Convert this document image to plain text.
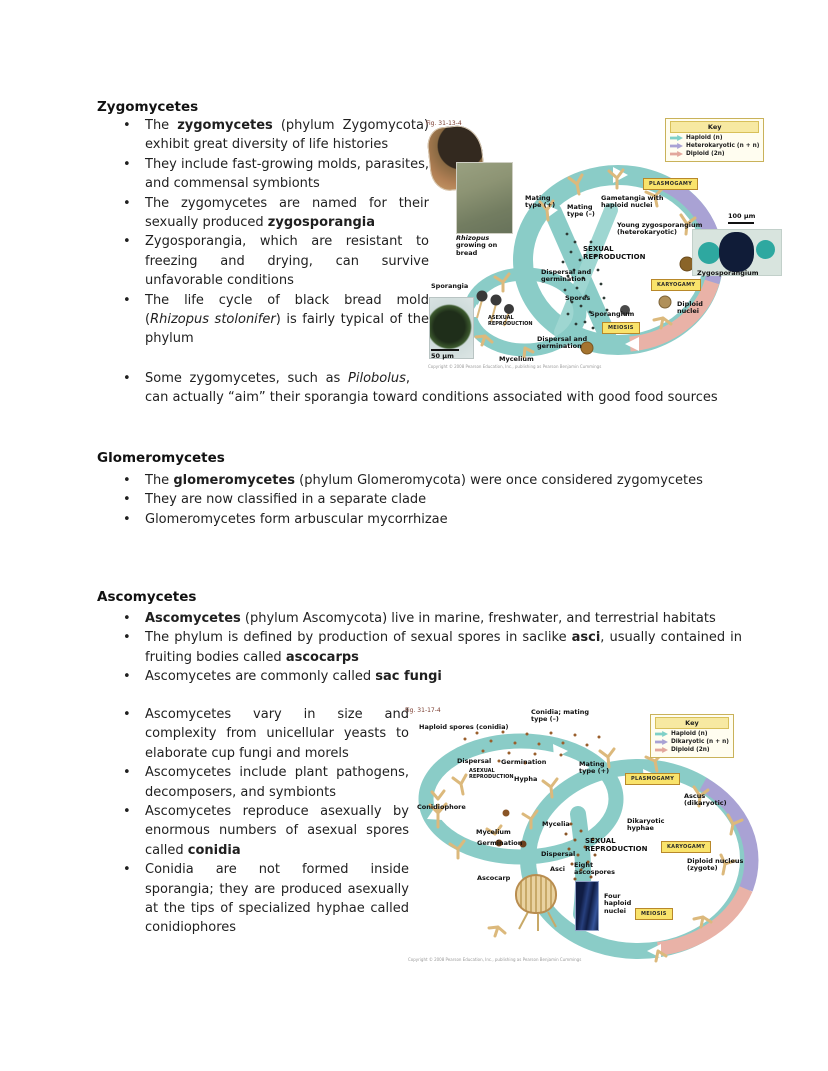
Zygomycetes
• The zygomycetes (phylum Zygomycota) exhibit great diversity of life histories
• They include fast-growing molds, parasites, and commensal symbionts
• The zygomycetes are named for their sexually produced zygosporangia
• Zygosporangia, which are resistant to freezing and drying, can survive unfavorable conditions
• The life cycle of black bread mold (Rhizopus stolonifer) is fairly typical of the phylum
• Some zygomycetes, such as Pilobolus, can actually “aim” their sporangia toward conditions associated with good food sources
Glomeromycetes
• The glomeromycetes (phylum Glomeromycota) were once considered zygomycetes
• They are now classified in a separate clade
• Glomeromycetes form arbuscular mycorrhizae
Ascomycetes
• Ascomycetes (phylum Ascomycota) live in marine, freshwater, and terrestrial habitats
• The phylum is defined by production of sexual spores in saclike asci, usually contained in fruiting bodies called ascocarps
• Ascomycetes are commonly called sac fungi
• Ascomycetes vary in size and complexity from unicellular yeasts to elaborate cup fungi and morels
• Ascomycetes include plant pathogens, decomposers, and symbionts
• Ascomycetes reproduce asexually by enormous numbers of asexual spores called conidia
• Conidia are not formed inside sporangia; they are produced asexually at the tips of specialized hyphae called conidiophores
Fig. 31-13-4
Mating type (+)	Mating type (–)
Gametangia with haploid nuclei
Young zygosporangium (heterokaryotic)
SEXUAL REPRODUCTION
Zygosporangium
Diploid nuclei
Sporangium
Spores
Dispersal and germination
Dispersal and germination
Mycelium
ASEXUAL REPRODUCTION
Sporangia
Rhizopus growing on bread
100 μm
50 μm
PLASMOGAMY
KARYOGAMY
MEIOSIS
Key
Haploid (n)
Heterokaryotic (n + n)
Diploid (2n)
Copyright © 2008 Pearson Education, Inc., publishing as Pearson Benjamin Cummings
Fig. 31-17-4
Haploid spores (conidia)
Conidia; mating type (–)
Dispersal	Germination
ASEXUAL REPRODUCTION Hypha
Mating type (+)
Conidiophore
Mycelia
Mycelium
Germination
Dispersal
Ascocarp
Asci	Eight ascospores
SEXUAL REPRODUCTION
Dikaryotic hyphae
Ascus (dikaryotic)
Diploid nucleus (zygote)
Four haploid nuclei
PLASMOGAMY
KARYOGAMY
MEIOSIS
Key
Haploid (n)
Dikaryotic (n + n)
Diploid (2n)
Copyright © 2008 Pearson Education, Inc., publishing as Pearson Benjamin Cummings
